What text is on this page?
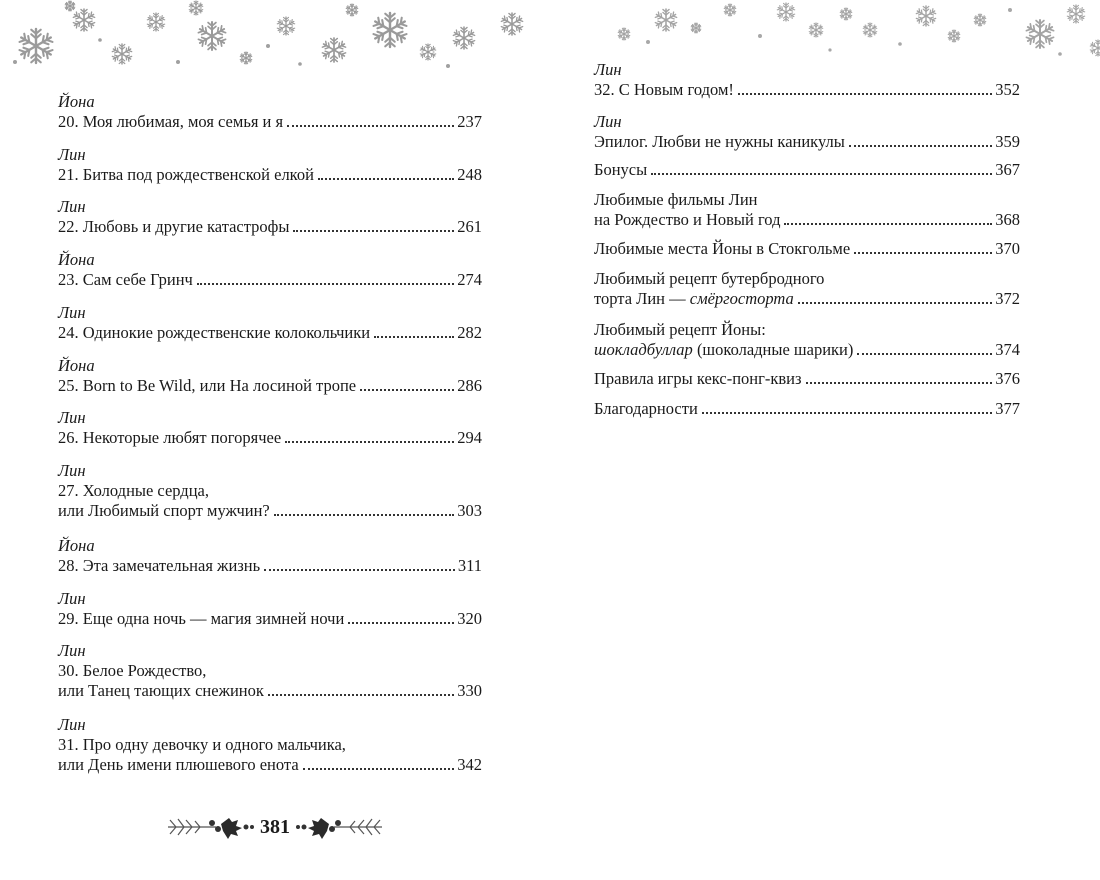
Йона
20. Моя любимая, моя семья и я	237
Лин
21. Битва под рождественской елкой	248
Лин
22. Любовь и другие катастрофы	261
Йона
23. Сам себе Гринч	274
Лин
24. Одинокие рождественские колокольчики	282
Йона
25. Born to Be Wild, или На лосиной тропе	286
Лин
26. Некоторые любят погорячее	294
Лин
27. Холодные сердца,
или Любимый спорт мужчин?	303
Йона
28. Эта замечательная жизнь	311
Лин
29. Еще одна ночь — магия зимней ночи	320
Лин
30. Белое Рождество,
или Танец тающих снежинок	330
Лин
31. Про одну девочку и одного мальчика,
или День имени плюшевого енота	342
Лин
32. С Новым годом!	352
Лин
Эпилог. Любви не нужны каникулы	359
Бонусы	367
Любимые фильмы Лин
на Рождество и Новый год	368
Любимые места Йоны в Стокгольме	370
Любимый рецепт бутербродного
торта Лин — смёргосторта	372
Любимый рецепт Йоны:
шокладбуллар (шоколадные шарики)	374
Правила игры кекс-понг-квиз	376
Благодарности	377
381
